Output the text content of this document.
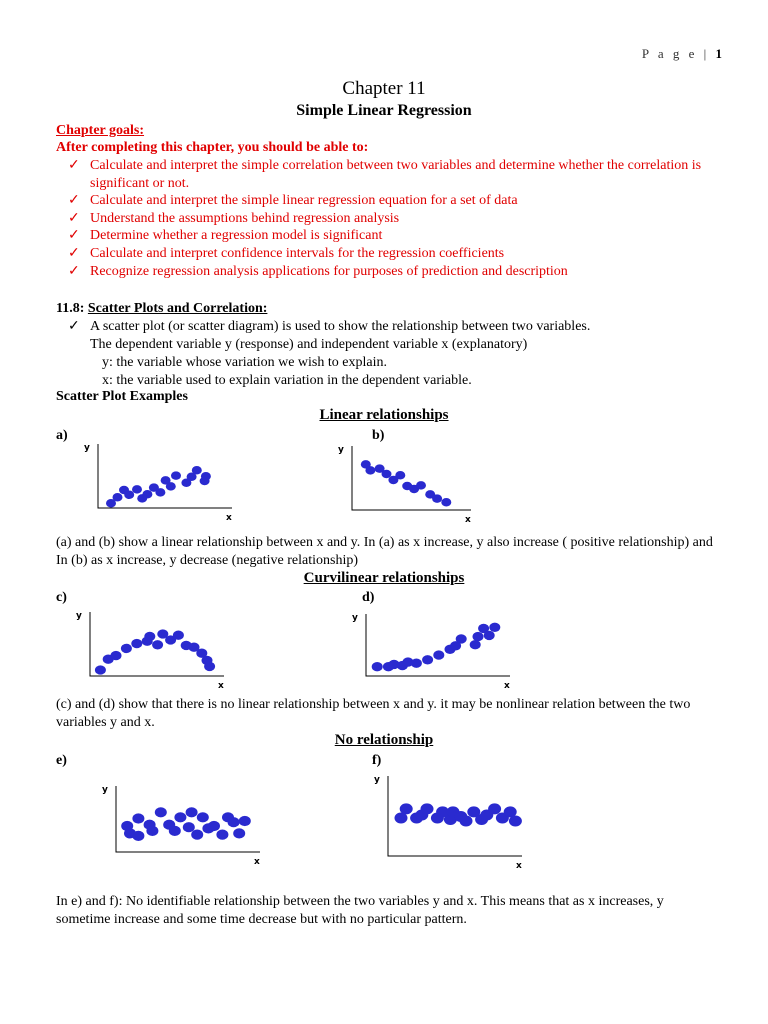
P a g e | 1
Chapter 11
Simple Linear Regression
Chapter goals:
After completing this chapter, you should be able to:
✓ Calculate and interpret the simple correlation between two variables and determine whether the correlation is significant or not.
✓ Calculate and interpret the simple linear regression equation for a set of data
✓ Understand the assumptions behind regression analysis
✓ Determine whether a regression model is significant
✓ Calculate and interpret confidence intervals for the regression coefficients
✓ Recognize regression analysis applications for purposes of prediction and description
11.8: Scatter Plots and Correlation:
✓ A scatter plot (or scatter diagram) is used to show the relationship between two variables.
The dependent variable y (response) and independent variable x (explanatory)
y: the variable whose variation we wish to explain.
x: the variable used to explain variation in the dependent variable.
Scatter Plot Examples
Linear relationships
a)	b)
y
x
y
x
(a) and (b) show a linear relationship between x and y. In (a) as x increase, y also increase ( positive relationship) and In (b) as x increase, y decrease (negative relationship)
Curvilinear relationships
c)	d)
y
x
y
x
(c) and (d) show that there is no linear relationship between x and y. it may be nonlinear relation between the two variables y and x.
No relationship
e)	f)
y
x
y
x
In e) and f): No identifiable relationship between the two variables y and x. This means that as x increases, y sometime increase and some time decrease but with no particular pattern.
